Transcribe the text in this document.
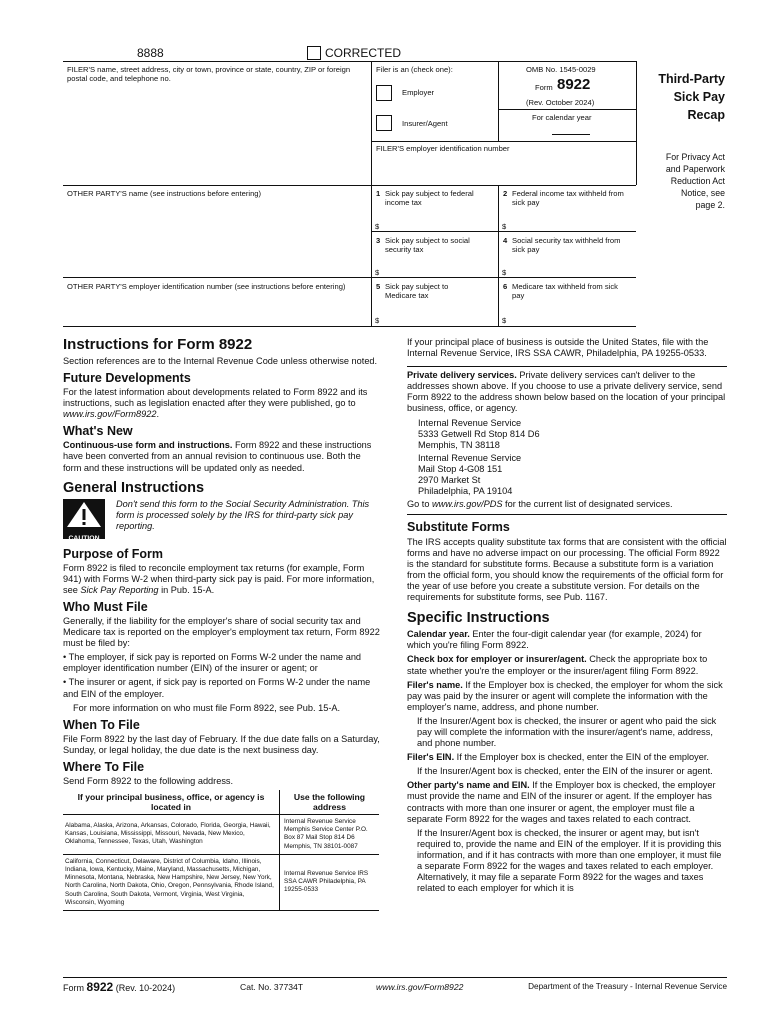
8888	CORRECTED
FILER'S name, street address, city or town, province or state, country, ZIP or foreign postal code, and telephone no.
Filer is an (check one):
Employer
Insurer/Agent
OMB No. 1545-0029
Form 8922
(Rev. October 2024)
For calendar year
Third-Party
Sick Pay
Recap
For Privacy Act
and Paperwork
Reduction Act
Notice, see
page 2.
FILER'S employer identification number
OTHER PARTY'S name (see instructions before entering)
OTHER PARTY'S employer identification number (see instructions before entering)
1 Sick pay subject to federal income tax
$
2 Federal income tax withheld from sick pay
$
3 Sick pay subject to social security tax
$
4 Social security tax withheld from sick pay
$
5 Sick pay subject to Medicare tax
$
6 Medicare tax withheld from sick pay
$
Instructions for Form 8922

Section references are to the Internal Revenue Code unless otherwise noted.

Future Developments

For the latest information about developments related to Form 8922 and its instructions, such as legislation enacted after they were published, go to www.irs.gov/Form8922.

What's New

Continuous-use form and instructions. Form 8922 and these instructions have been converted from an annual revision to continuous use. Both the form and these instructions will be updated only as needed.

General Instructions
CAUTION
Don't send this form to the Social Security Administration. This form is processed solely by the IRS for third-party sick pay reporting.
Purpose of Form

Form 8922 is filed to reconcile employment tax returns (for example, Form 941) with Forms W-2 when third-party sick pay is paid. For more information, see Sick Pay Reporting in Pub. 15-A.

Who Must File

Generally, if the liability for the employer's share of social security tax and Medicare tax is reported on the employer's employment tax return, Form 8922 must be filed by:

• The employer, if sick pay is reported on Forms W-2 under the name and employer identification number (EIN) of the insurer or agent; or

• The insurer or agent, if sick pay is reported on Forms W-2 under the name and EIN of the employer.

For more information on who must file Form 8922, see Pub. 15-A.

When To File

File Form 8922 by the last day of February. If the due date falls on a Saturday, Sunday, or legal holiday, the due date is the next business day.

Where To File

Send Form 8922 to the following address.

If your principal business, office, or agency is located in	Use the following address
Alabama, Alaska, Arizona, Arkansas, Colorado, Florida, Georgia, Hawaii, Kansas, Louisiana, Mississippi, Missouri, Nevada, New Mexico, Oklahoma, Tennessee, Texas, Utah, Washington	Internal Revenue Service Memphis Service Center P.O. Box 87 Mail Stop 814 D6 Memphis, TN 38101-0087
California, Connecticut, Delaware, District of Columbia, Idaho, Illinois, Indiana, Iowa, Kentucky, Maine, Maryland, Massachusetts, Michigan, Minnesota, Montana, Nebraska, New Hampshire, New Jersey, New York, North Carolina, North Dakota, Ohio, Oregon, Pennsylvania, Rhode Island, South Carolina, South Dakota, Vermont, Virginia, West Virginia, Wisconsin, Wyoming	Internal Revenue Service IRS SSA CAWR Philadelphia, PA 19255-0533

If your principal place of business is outside the United States, file with the Internal Revenue Service, IRS SSA CAWR, Philadelphia, PA 19255-0533.

Private delivery services. Private delivery services can't deliver to the addresses shown above. If you choose to use a private delivery service, send Form 8922 to the address shown below based on the location of your principal business, office, or agency.

Internal Revenue Service
5333 Getwell Rd Stop 814 D6
Memphis, TN 38118
Internal Revenue Service
Mail Stop 4-G08 151
2970 Market St
Philadelphia, PA 19104

Go to www.irs.gov/PDS for the current list of designated services.

Substitute Forms

The IRS accepts quality substitute tax forms that are consistent with the official forms and have no adverse impact on our processing. The official Form 8922 is the standard for substitute forms. Because a substitute form is a variation from the official form, you should know the requirements of the official form for the year of use before you create a substitute version. For details on the requirements for substitute forms, see Pub. 1167.

Specific Instructions

Calendar year. Enter the four-digit calendar year (for example, 2024) for which you're filing Form 8922.

Check box for employer or insurer/agent. Check the appropriate box to state whether you're the employer or the insurer/agent filing Form 8922.

Filer's name. If the Employer box is checked, the employer for whom the sick pay was paid by the insurer or agent will complete the information with the employer's name, address, and phone number.

If the Insurer/Agent box is checked, the insurer or agent who paid the sick pay will complete the information with the insurer/agent's name, address, and phone number.

Filer's EIN. If the Employer box is checked, enter the EIN of the employer.

If the Insurer/Agent box is checked, enter the EIN of the insurer or agent.

Other party's name and EIN. If the Employer box is checked, the employer must provide the name and EIN of the insurer or agent. If the employer has contracts with more than one insurer or agent, the employer must file a separate Form 8922 for the wages and taxes related to each contract.

If the Insurer/Agent box is checked, the insurer or agent may, but isn't required to, provide the name and EIN of the employer. If it is providing this information, and if it has contracts with more than one employer, it must file a separate Form 8922 for the wages and taxes related to each employer. Alternatively, it may file a separate Form 8922 for the wages and taxes related to each employer for which it is

Form 8922 (Rev. 10-2024)	Cat. No. 37734T	www.irs.gov/Form8922	Department of the Treasury - Internal Revenue Service
